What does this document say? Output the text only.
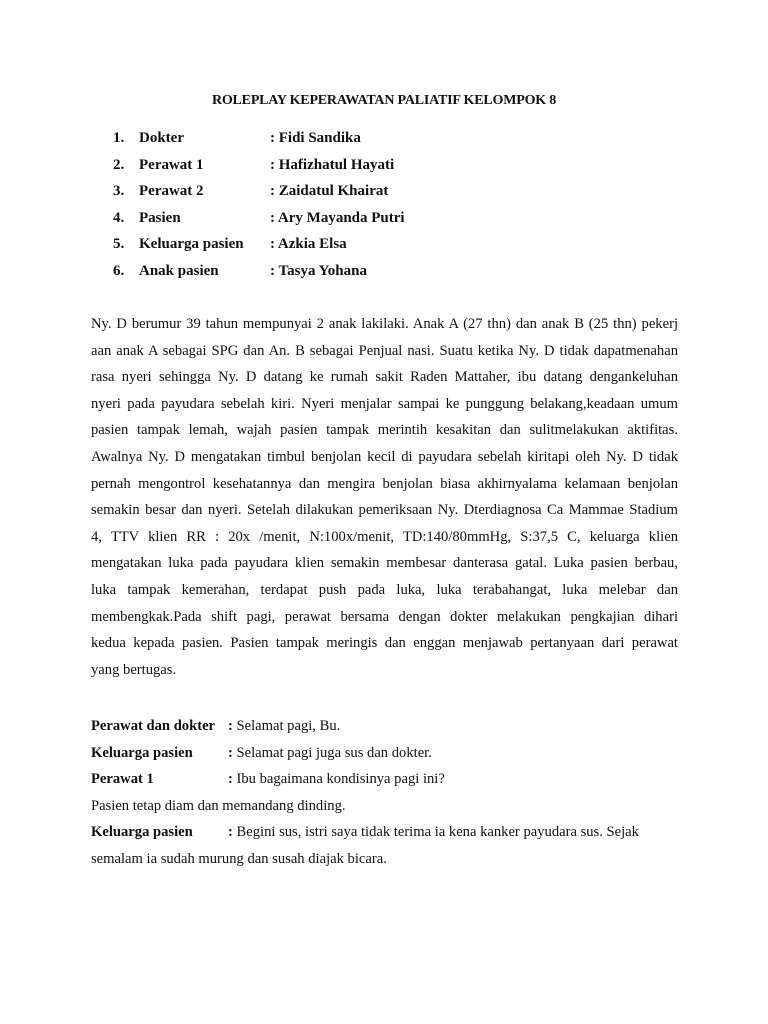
ROLEPLAY KEPERAWATAN PALIATIF KELOMPOK 8
1. Dokter	: Fidi Sandika
2. Perawat 1	: Hafizhatul Hayati
3. Perawat 2	: Zaidatul Khairat
4. Pasien	: Ary Mayanda Putri
5. Keluarga pasien : Azkia Elsa
6. Anak pasien	: Tasya Yohana
Ny. D berumur 39 tahun mempunyai 2 anak lakilaki. Anak A (27 thn) dan anak B (25 thn) pekerj
aan anak A sebagai SPG dan An. B sebagai Penjual nasi. Suatu ketika Ny. D tidak dapatmenahan
rasa nyeri sehingga Ny. D datang ke rumah sakit Raden Mattaher, ibu datang dengankeluhan
nyeri pada payudara sebelah kiri. Nyeri menjalar sampai ke punggung belakang,keadaan umum
pasien tampak lemah, wajah pasien tampak merintih kesakitan dan sulitmelakukan aktifitas.
Awalnya Ny. D mengatakan timbul benjolan kecil di payudara sebelah kiritapi oleh Ny. D tidak
pernah mengontrol kesehatannya dan mengira benjolan biasa akhirnyalama kelamaan benjolan
semakin besar dan nyeri. Setelah dilakukan pemeriksaan Ny. Dterdiagnosa Ca Mammae Stadium
4, TTV klien RR : 20x /menit, N:100x/menit, TD:140/80mmHg, S:37,5 C, keluarga klien
mengatakan luka pada payudara klien semakin membesar danterasa gatal. Luka pasien berbau,
luka tampak kemerahan, terdapat push pada luka, luka terabahangat, luka melebar dan
membengkak.Pada shift pagi, perawat bersama dengan dokter melakukan pengkajian dihari
kedua kepada pasien. Pasien tampak meringis dan enggan menjawab pertanyaan dari perawat
yang bertugas.
Perawat dan dokter : Selamat pagi, Bu.
Keluarga pasien : Selamat pagi juga sus dan dokter.
Perawat 1	: Ibu bagaimana kondisinya pagi ini?
Pasien tetap diam dan memandang dinding.
Keluarga pasien : Begini sus, istri saya tidak terima ia kena kanker payudara sus. Sejak
semalam ia sudah murung dan susah diajak bicara.
